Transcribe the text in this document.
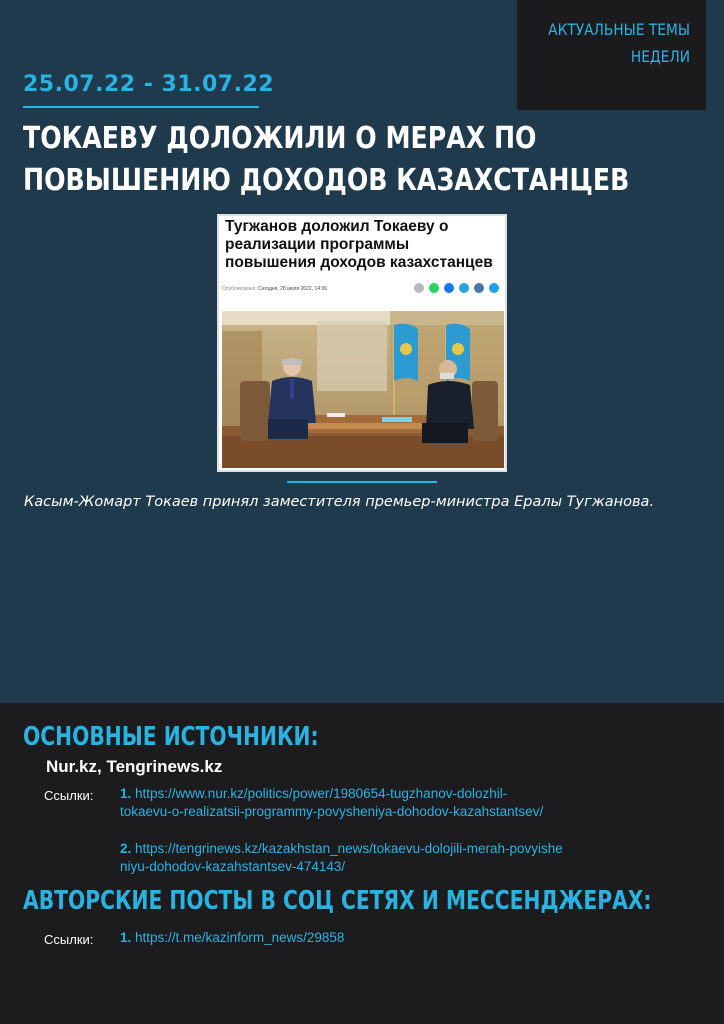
АКТУАЛЬНЫЕ ТЕМЫ
НЕДЕЛИ
25.07.22 - 31.07.22
ТОКАЕВУ ДОЛОЖИЛИ О МЕРАХ ПО ПОВЫШЕНИЮ ДОХОДОВ КАЗАХСТАНЦЕВ
Тугжанов доложил Токаеву о реализации программы повышения доходов казахстанцев
Опубликовано: Сегодня, 28 июля 2022, 14:36
Касым-Жомарт Токаев принял заместителя премьер-министра Ералы Тугжанова.
ОСНОВНЫЕ ИСТОЧНИКИ:
Nur.kz, Tengrinews.kz
Ссылки: 1. https://www.nur.kz/politics/power/1980654-tugzhanov-dolozhil-
tokaevu-o-realizatsii-programmy-povysheniya-dohodov-kazahstantsev/
2. https://tengrinews.kz/kazakhstan_news/tokaevu-dolojili-merah-povyishe
niyu-dohodov-kazahstantsev-474143/
АВТОРСКИЕ ПОСТЫ В СОЦ СЕТЯХ И МЕССЕНДЖЕРАХ:
Ссылки: 1. https://t.me/kazinform_news/29858
